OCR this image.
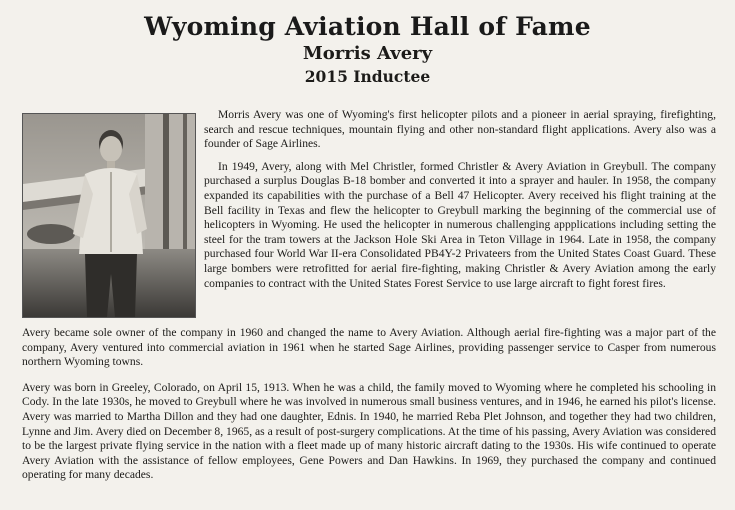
Wyoming Aviation Hall of Fame
Morris Avery
2015 Inductee

Morris Avery was one of Wyoming's first helicopter pilots and a pioneer in aerial spraying, firefighting, search and rescue techniques, mountain flying and other non-standard flight applications. Avery also was a founder of Sage Airlines.

In 1949, Avery, along with Mel Christler, formed Christler & Avery Aviation in Greybull. The company purchased a surplus Douglas B-18 bomber and converted it into a sprayer and hauler. In 1958, the company expanded its capabilities with the purchase of a Bell 47 Helicopter. Avery received his flight training at the Bell facility in Texas and flew the helicopter to Greybull marking the beginning of the commercial use of helicopters in Wyoming. He used the helicopter in numerous challenging appplications including setting the steel for the tram towers at the Jackson Hole Ski Area in Teton Village in 1964. Late in 1958, the company purchased four World War II-era Consolidated PB4Y-2 Privateers from the United States Coast Guard. These large bombers were retrofitted for aerial fire-fighting, making Christler & Avery Aviation among the early companies to contract with the United States Forest Service to use large aircraft to fight forest fires.

Avery became sole owner of the company in 1960 and changed the name to Avery Aviation. Although aerial fire-fighting was a major part of the company, Avery ventured into commercial aviation in 1961 when he started Sage Airlines, providing passenger service to Casper from numerous northern Wyoming towns.

Avery was born in Greeley, Colorado, on April 15, 1913. When he was a child, the family moved to Wyoming where he completed his schooling in Cody. In the late 1930s, he moved to Greybull where he was involved in numerous small business ventures, and in 1946, he earned his pilot's license. Avery was married to Martha Dillon and they had one daughter, Ednis. In 1940, he married Reba Plet Johnson, and together they had two children, Lynne and Jim. Avery died on December 8, 1965, as a result of post-surgery complications. At the time of his passing, Avery Aviation was considered to be the largest private flying service in the nation with a fleet made up of many historic aircraft dating to the 1930s. His wife continued to operate Avery Aviation with the assistance of fellow employees, Gene Powers and Dan Hawkins. In 1969, they purchased the company and continued operating for many decades.
